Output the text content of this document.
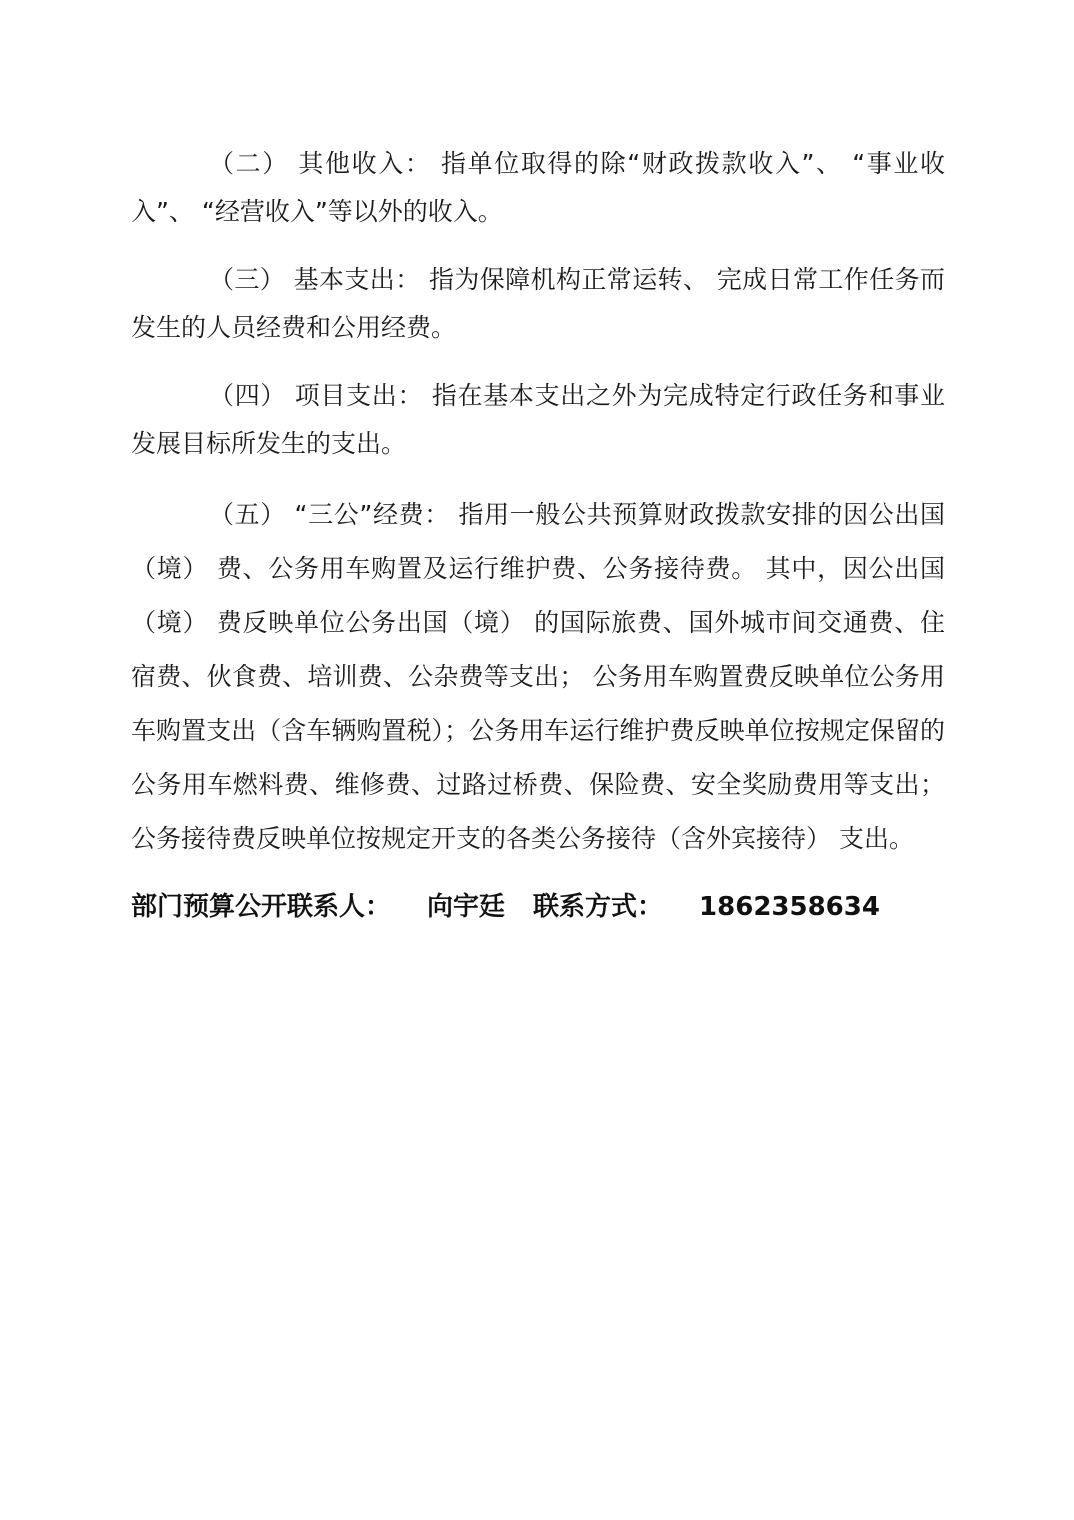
（二） 其他收入： 指单位取得的除“财政拨款收入”、 “事业收入”、 “经营收入”等以外的收入。

（三） 基本支出： 指为保障机构正常运转、 完成日常工作任务而发生的人员经费和公用经费。

（四） 项目支出： 指在基本支出之外为完成特定行政任务和事业发展目标所发生的支出。

（五） “三公”经费： 指用一般公共预算财政拨款安排的因公出国（境） 费、公务用车购置及运行维护费、公务接待费。 其中，因公出国（境） 费反映单位公务出国（境） 的国际旅费、国外城市间交通费、住宿费、伙食费、培训费、公杂费等支出； 公务用车购置费反映单位公务用车购置支出（含车辆购置税）；公务用车运行维护费反映单位按规定保留的公务用车燃料费、维修费、过路过桥费、保险费、安全奖励费用等支出； 公务接待费反映单位按规定开支的各类公务接待（含外宾接待） 支出。

部门预算公开联系人： 向宇廷 联系方式： 1862358634
